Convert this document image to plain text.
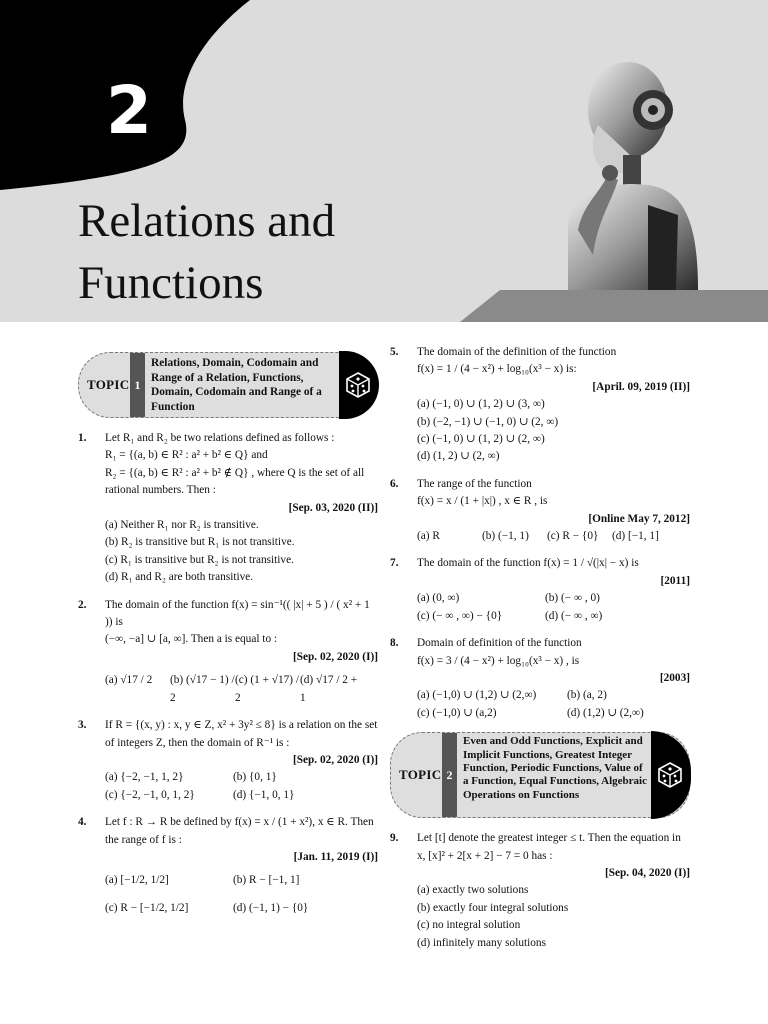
2
Relations and
Functions
TOPIC 1
Relations, Domain, Codomain and Range of a Relation, Functions, Domain, Codomain and Range of a Function
1. Let R₁ and R₂ be two relations defined as follows :

R₁ = {(a, b) ∈ R² : a² + b² ∈ Q} and

R₂ = {(a, b) ∈ R² : a² + b² ∉ Q} , where Q is the set of all rational numbers. Then :

[Sep. 03, 2020 (II)]

(a) Neither R₁ nor R₂ is transitive.
(b) R₂ is transitive but R₁ is not transitive.
(c) R₁ is transitive but R₂ is not transitive.
(d) R₁ and R₂ are both transitive.
2. The domain of the function f(x) = sin⁻¹(( |x| + 5 ) / ( x² + 1 )) is

(−∞, −a] ∪ [a, ∞]. Then a is equal to :

[Sep. 02, 2020 (I)]

(a) √17 / 2	(b) (√17 − 1) / 2
(c) (1 + √17) / 2
(d) √17 / 2 + 1
3. If R = {(x, y) : x, y ∈ Z, x² + 3y² ≤ 8} is a relation on the set of integers Z, then the domain of R⁻¹ is :

[Sep. 02, 2020 (I)]

(a) {−2, −1, 1, 2}	(b) {0, 1}
(c) {−2, −1, 0, 1, 2}	(d) {−1, 0, 1}
4. Let f : R → R be defined by f(x) = x / (1 + x²), x ∈ R. Then the range of f is :

[Jan. 11, 2019 (I)]

(a) [−1/2, 1/2]	(b) R − [−1, 1]
(c) R − [−1/2, 1/2]	(d) (−1, 1) − {0}
5. The domain of the definition of the function

f(x) = 1 / (4 − x²) + log₁₀(x³ − x) is:

[April. 09, 2019 (II)]

(a) (−1, 0) ∪ (1, 2) ∪ (3, ∞)
(b) (−2, −1) ∪ (−1, 0) ∪ (2, ∞)
(c) (−1, 0) ∪ (1, 2) ∪ (2, ∞)
(d) (1, 2) ∪ (2, ∞)
6. The range of the function

f(x) = x / (1 + |x|) , x ∈ R , is

[Online May 7, 2012]

(a) R	(b) (−1, 1)	(c) R − {0}	(d) [−1, 1]
7. The domain of the function f(x) = 1 / √(|x| − x) is

[2011]

(a) (0, ∞)	(b) (− ∞ , 0)
(c) (− ∞ , ∞) − {0}	(d) (− ∞ , ∞)
8. Domain of definition of the function

f(x) = 3 / (4 − x²) + log₁₀(x³ − x) , is

[2003]

(a) (−1,0) ∪ (1,2) ∪ (2,∞)	(b) (a, 2)
(c) (−1,0) ∪ (a,2)	(d) (1,2) ∪ (2,∞)
TOPIC 2
Even and Odd Functions, Explicit and Implicit Functions, Greatest Integer Function, Periodic Functions, Value of a Function, Equal Functions, Algebraic Operations on Functions
9. Let [t] denote the greatest integer ≤ t. Then the equation in x, [x]² + 2[x + 2] − 7 = 0 has :

[Sep. 04, 2020 (I)]

(a) exactly two solutions
(b) exactly four integral solutions
(c) no integral solution
(d) infinitely many solutions
